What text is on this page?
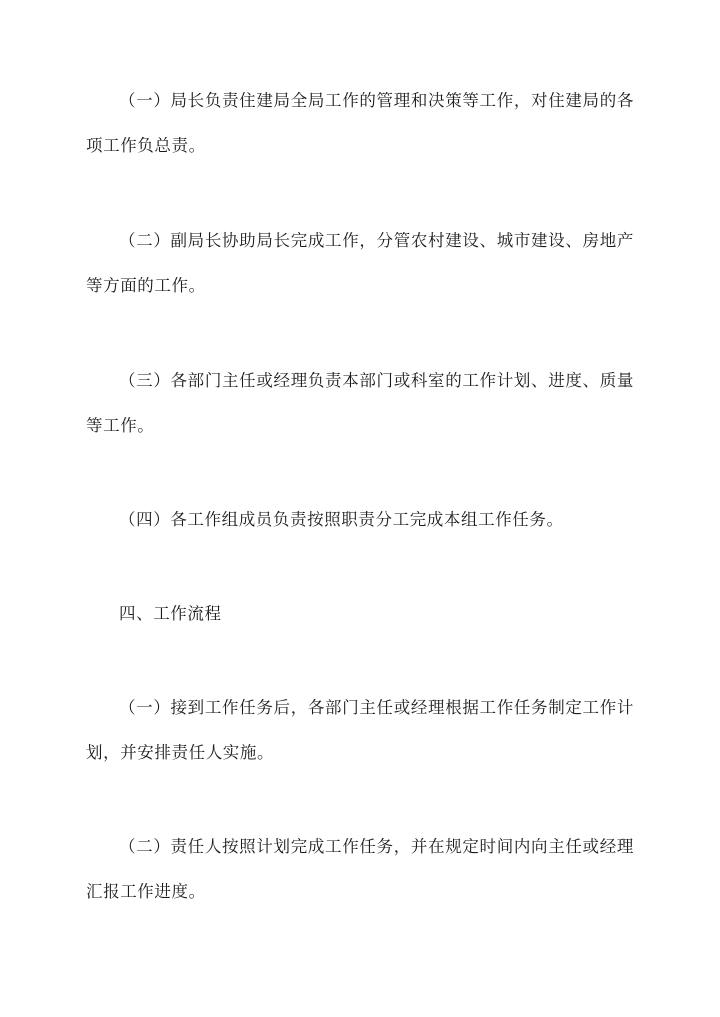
（一）局长负责住建局全局工作的管理和决策等工作，对住建局的各项工作负总责。

（二）副局长协助局长完成工作，分管农村建设、城市建设、房地产等方面的工作。

（三）各部门主任或经理负责本部门或科室的工作计划、进度、质量等工作。

（四）各工作组成员负责按照职责分工完成本组工作任务。

四、工作流程

（一）接到工作任务后，各部门主任或经理根据工作任务制定工作计划，并安排责任人实施。

（二）责任人按照计划完成工作任务，并在规定时间内向主任或经理汇报工作进度。
